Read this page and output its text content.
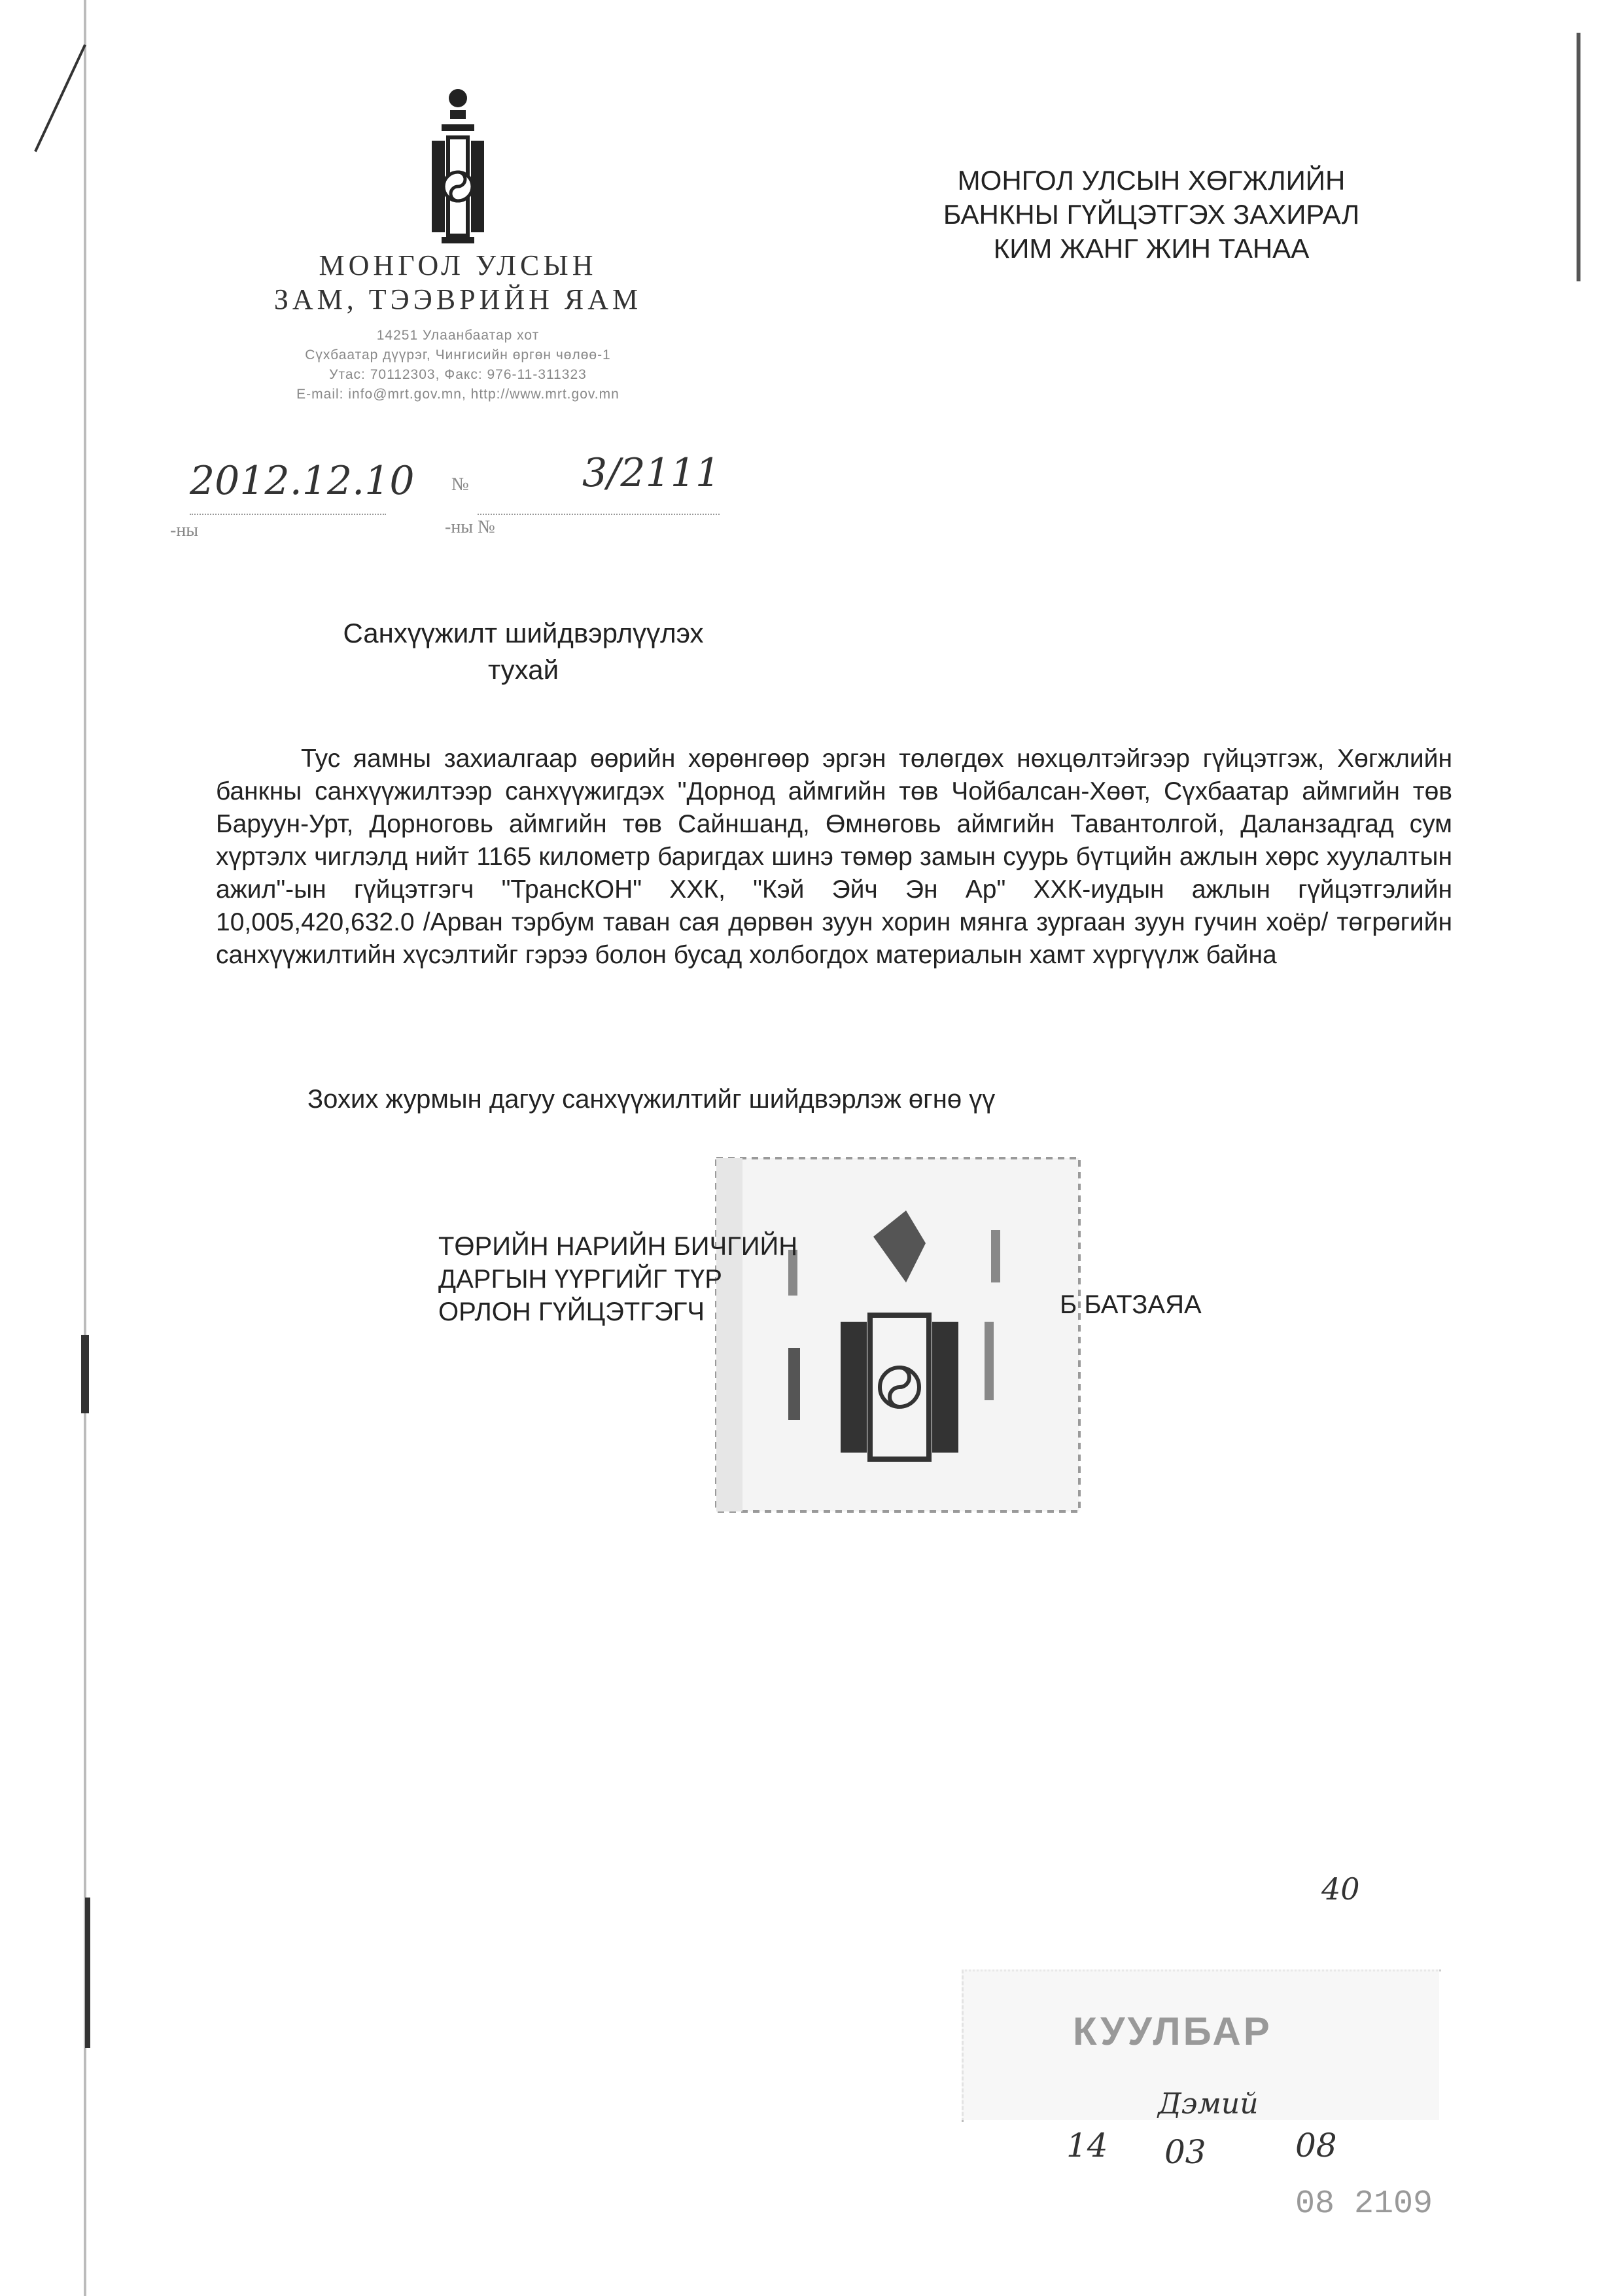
МОНГОЛ УЛСЫН
ЗАМ, ТЭЭВРИЙН ЯАМ
14251 Улаанбаатар хот
Сүхбаатар дүүрэг, Чингисийн өргөн чөлөө-1
Утас: 70112303, Факс: 976-11-311323
E-mail: info@mrt.gov.mn, http://www.mrt.gov.mn
2012.12.10 №	3/2111
-ны	-ны №
МОНГОЛ УЛСЫН ХӨГЖЛИЙН
БАНКНЫ ГҮЙЦЭТГЭХ ЗАХИРАЛ
КИМ ЖАНГ ЖИН ТАНАА
Санхүүжилт шийдвэрлүүлэх
тухай
Тус яамны захиалгаар өөрийн хөрөнгөөр эргэн төлөгдөх нөхцөлтэйгээр гүйцэтгэж, Хөгжлийн банкны санхүүжилтээр санхүүжигдэх "Дорнод аймгийн төв Чойбалсан-Хөөт, Сүхбаатар аймгийн төв Баруун-Урт, Дорноговь аймгийн төв Сайншанд, Өмнөговь аймгийн Тавантолгой, Даланзадгад сум хүртэлх чиглэлд нийт 1165 километр баригдах шинэ төмөр замын суурь бүтцийн ажлын хөрс хуулалтын ажил"-ын гүйцэтгэгч "ТрансКОН" ХХК, "Кэй Эйч Эн Ар" ХХК-иудын ажлын гүйцэтгэлийн 10,005,420,632.0 /Арван тэрбум таван сая дөрвөн зуун хорин мянга зургаан зуун гучин хоёр/ төгрөгийн санхүүжилтийн хүсэлтийг гэрээ болон бусад холбогдох материалын хамт хүргүүлж байна
Зохих журмын дагуу санхүүжилтийг шийдвэрлэж өгнө үү
ТӨРИЙН НАРИЙН БИЧГИЙН
ДАРГЫН ҮҮРГИЙГ ТҮР
ОРЛОН ГҮЙЦЭТГЭГЧ	Б БАТЗАЯА
40
КУУЛБАР
Дэмий
14 03	08
08 2109
